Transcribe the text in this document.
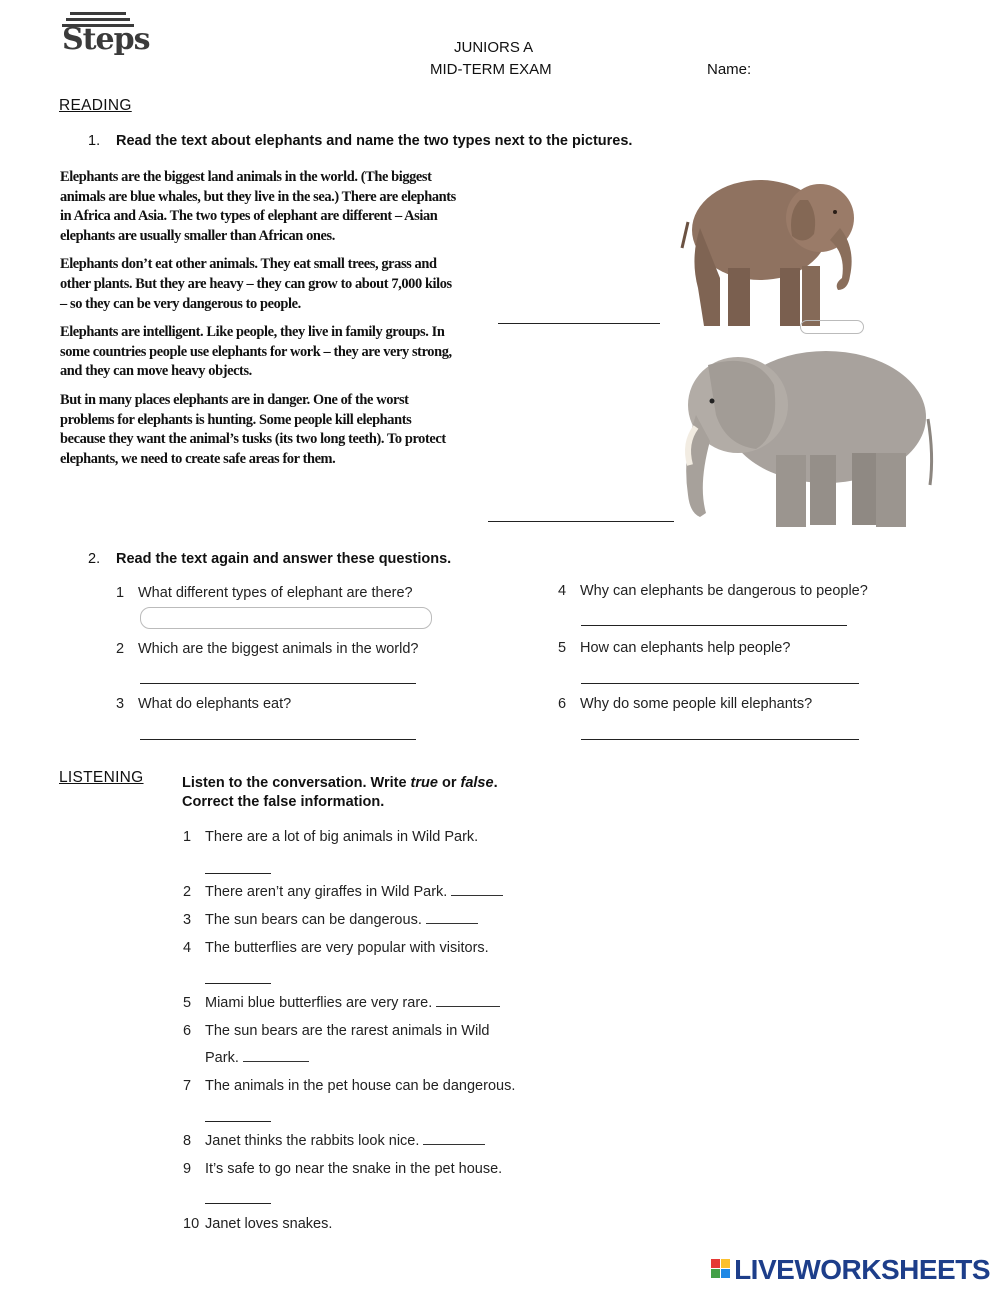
Steps	JUNIORS A
MID-TERM EXAM	Name:
READING
1. Read the text about elephants and name the two types next to the pictures.

Elephants are the biggest land animals in the world. (The biggest animals are blue whales, but they live in the sea.) There are elephants in Africa and Asia. The two types of elephant are different – Asian elephants are usually smaller than African ones.

Elephants don’t eat other animals. They eat small trees, grass and other plants. But they are heavy – they can grow to about 7,000 kilos – so they can be very dangerous to people.

Elephants are intelligent. Like people, they live in family groups. In some countries people use elephants for work – they are very strong, and they can move heavy objects.

But in many places elephants are in danger. One of the worst problems for elephants is hunting. Some people kill elephants because they want the animal’s tusks (its two long teeth). To protect elephants, we need to create safe areas for them.

2. Read the text again and answer these questions.
1 What different types of elephant are there?
2 Which are the biggest animals in the world?
3 What do elephants eat?
4 Why can elephants be dangerous to people?
5 How can elephants help people?
6 Why do some people kill elephants?
LISTENING	Listen to the conversation. Write true or false.
Correct the false information.
1 There are a lot of big animals in Wild Park.
2 There aren’t any giraffes in Wild Park.
3 The sun bears can be dangerous.
4 The butterflies are very popular with visitors.
5 Miami blue butterflies are very rare.
6 The sun bears are the rarest animals in Wild
Park.
7 The animals in the pet house can be dangerous.
8 Janet thinks the rabbits look nice.
9 It’s safe to go near the snake in the pet house.
10 Janet loves snakes.
LIVEWORKSHEETS
